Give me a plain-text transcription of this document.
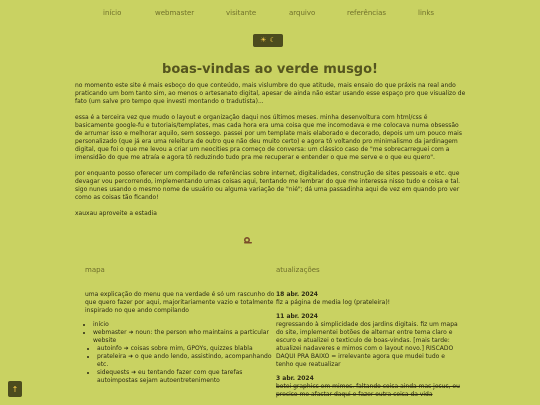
início	webmaster	visitante	arquivo	referências	links
☀ ☾
boas-vindas ao verde musgo!

no momento este site é mais esboço do que conteúdo, mais vislumbre do que atitude, mais ensaio do que práxis na real ando praticando um bom tanto sim, ao menos o artesanato digital, apesar de ainda não estar usando esse espaço pro que visualizo de fato (um salve pro tempo que investi montando o tradutista)...

essa é a terceira vez que mudo o layout e organização daqui nos últimos meses. minha desenvoltura com html/css é basicamente google-fu e tutoriais/templates, mas cada hora era uma coisa que me incomodava e me colocava numa obsessão de arrumar isso e melhorar aquilo, sem sossego. passei por um template mais elaborado e decorado, depois um um pouco mais personalizado (que já era uma releitura de outro que não deu muito certo) e agora tô voltando pro minimalismo da jardinagem digital, que foi o que me levou a criar um neocities pra começo de conversa: um clássico caso de "me sobrecarreguei com a imensidão do que me atraía e agora tô reduzindo tudo pra me recuperar e entender o que me serve e o que eu quero".

por enquanto posso oferecer um compilado de referências sobre internet, digitalidades, construção de sites pessoais e etc. que devagar vou percorrendo, implementando umas coisas aqui, tentando me lembrar do que me interessa nisso tudo e coisa e tal. sigo nunes usando o mesmo nome de usuário ou alguma variação de "nié"; dá uma passadinha aqui de vez em quando pro ver como as coisas tão ficando!

xauxau aproveite a estadia

mapa
uma explicação do menu que na verdade é só um rascunho do que quero fazer por aqui, majoritariamente vazio e totalmente inspirado no que ando compilando
• início
• webmaster ➜ noun: the person who maintains a particular website
• autoinfo ➜ coisas sobre mim, GPOYs, quizzes blabla
• prateleira ➜ o que ando lendo, assistindo, acompanhando etc.
• sidequests ➜ eu tentando fazer com que tarefas autoimpostas sejam autoentretenimento
atualizações
18 abr. 2024
fiz a página de media log (prateleira)!
11 abr. 2024
regressando à simplicidade dos jardins digitais. fiz um mapa do site, implementei botões de alternar entre tema claro e escuro e atualizei o texticulo de boas-vindas. [mais tarde: atualizei nadaveres e mimos com o layout novo.] RISCADO DAQUI PRA BAIXO = irrelevante agora que mudei tudo e tenho que reatualizar
3 abr. 2024
botei graphics em mimos. faltando coisa ainda mas jesus, eu preciso me afastar daqui e fazer outra coisa da vida
↑
